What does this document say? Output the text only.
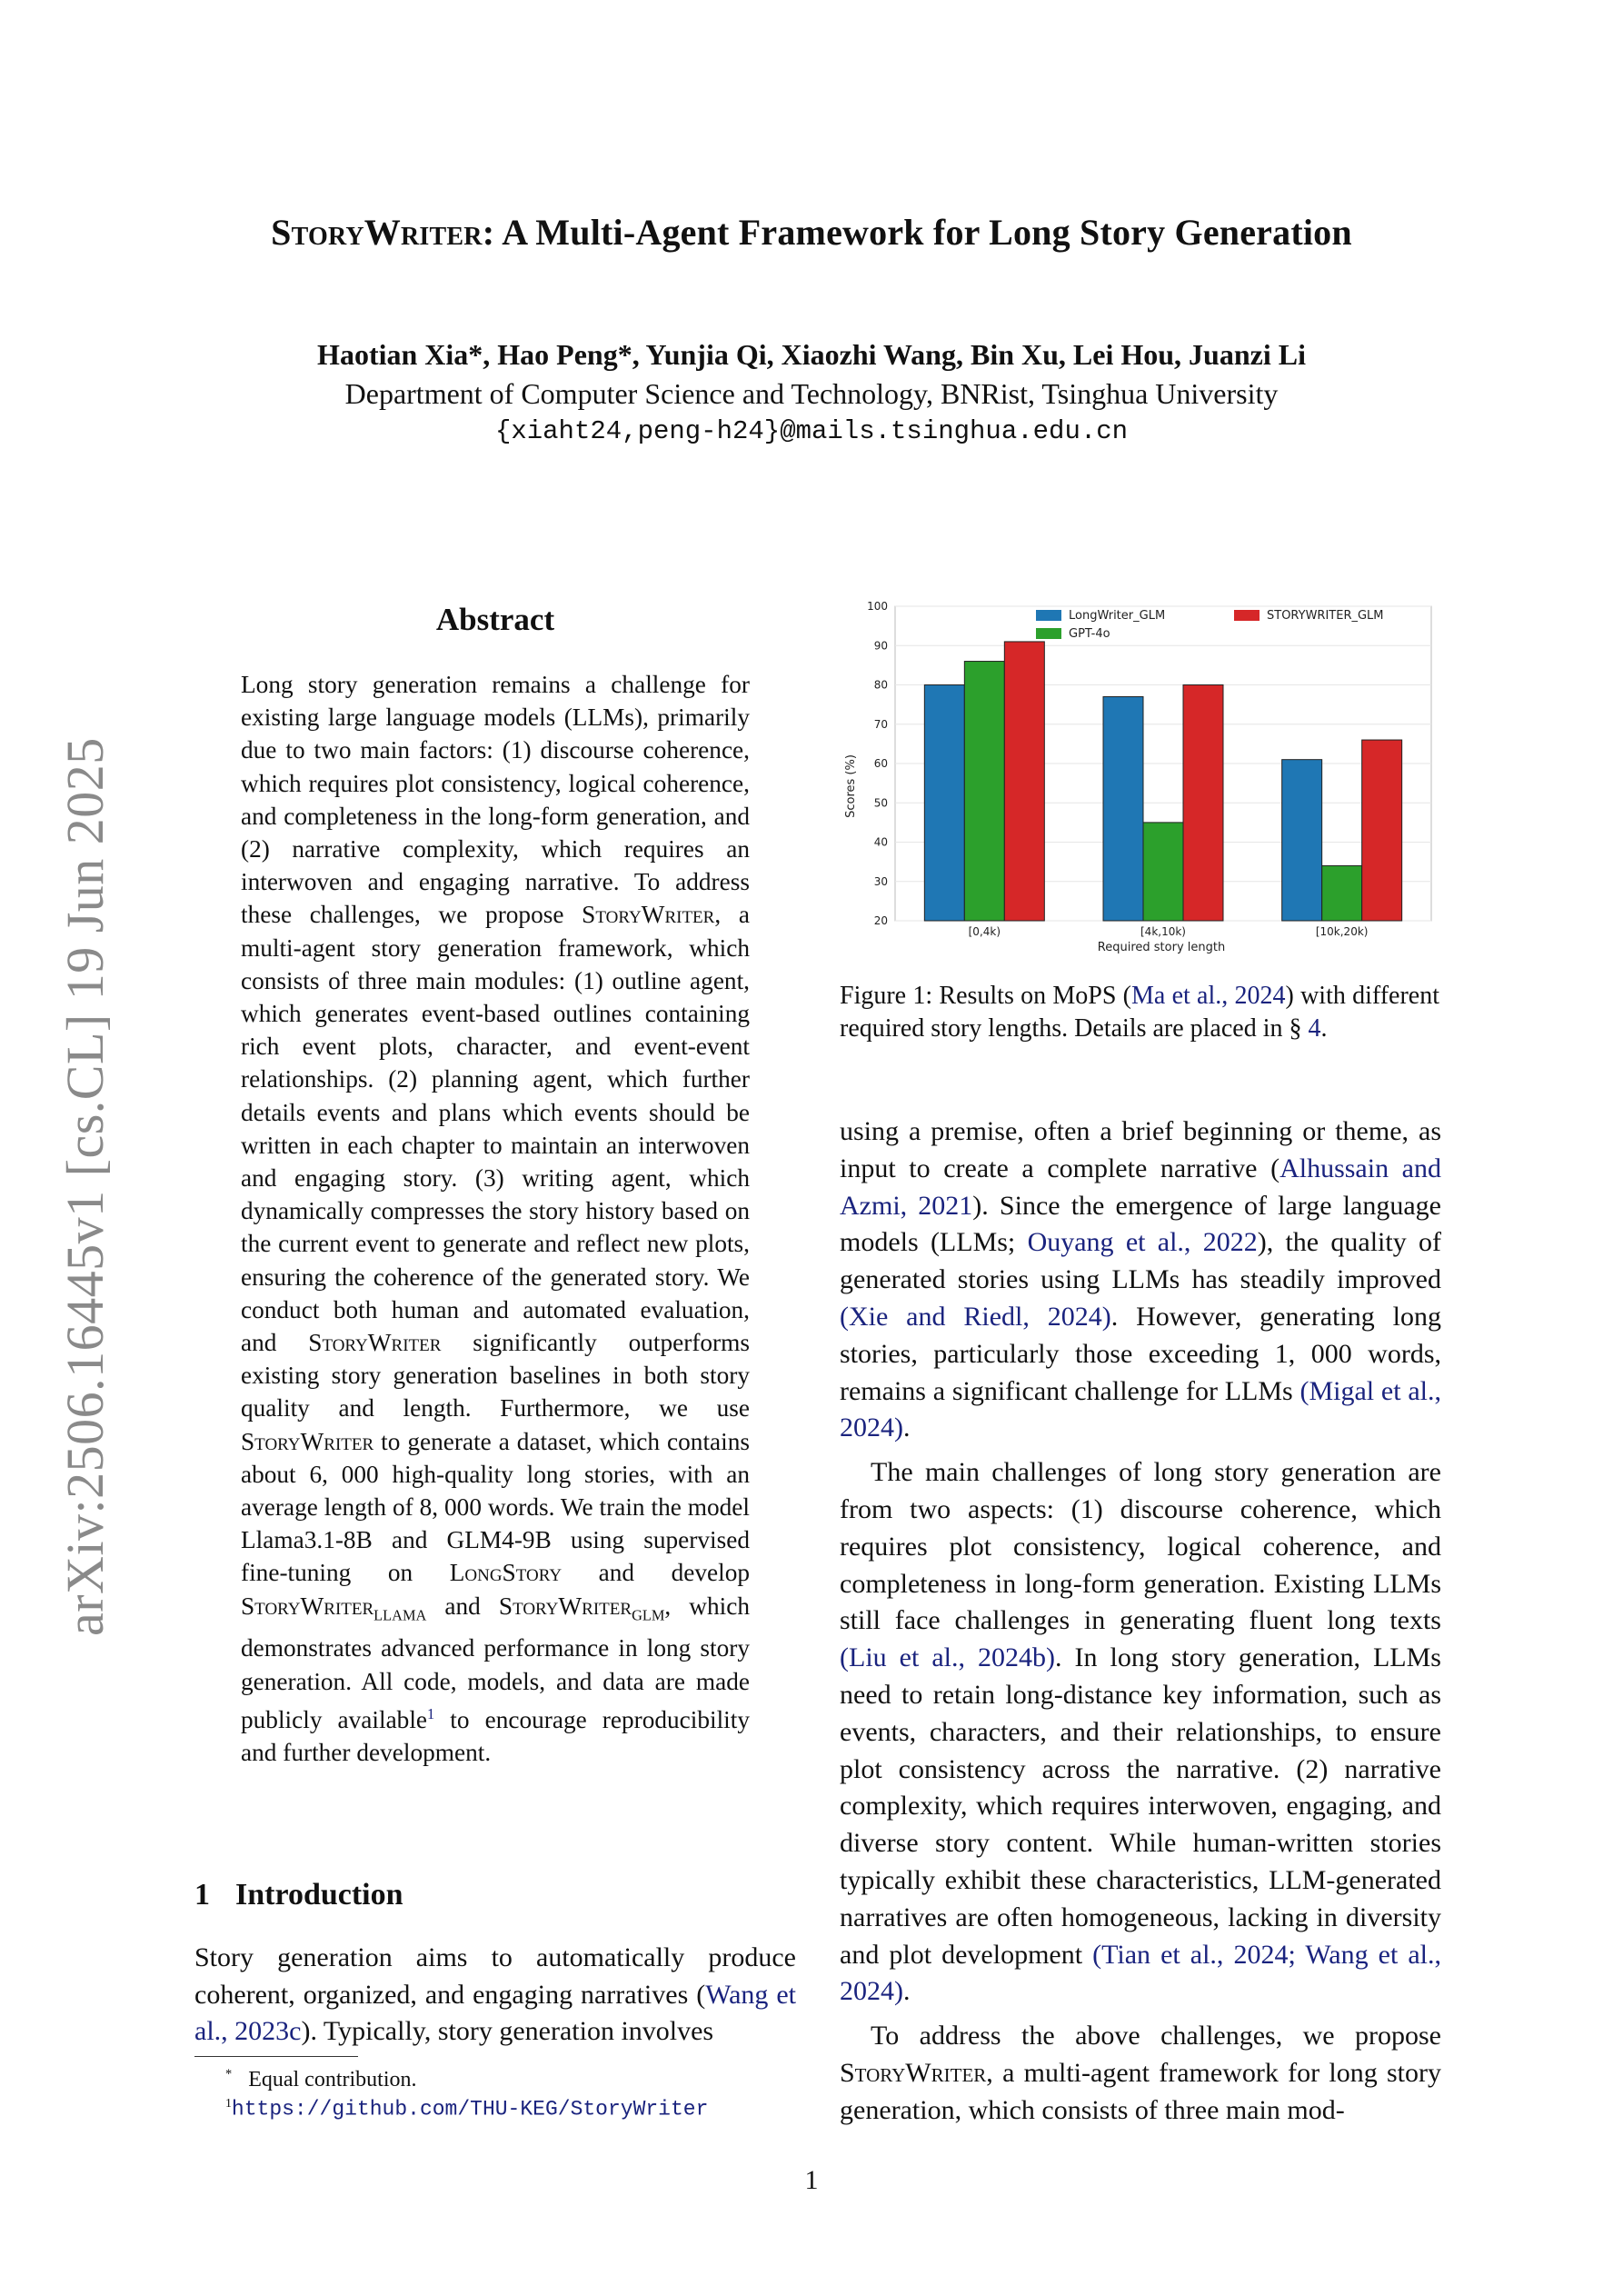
StoryWriter: A Multi-Agent Framework for Long Story Generation
Haotian Xia*, Hao Peng*, Yunjia Qi, Xiaozhi Wang, Bin Xu, Lei Hou, Juanzi Li
Department of Computer Science and Technology, BNRist, Tsinghua University
{xiaht24,peng-h24}@mails.tsinghua.edu.cn
arXiv:2506.16445v1 [cs.CL] 19 Jun 2025
Abstract
Long story generation remains a challenge for existing large language models (LLMs), primarily due to two main factors: (1) discourse coherence, which requires plot consistency, logical coherence, and completeness in the long-form generation, and (2) narrative complexity, which requires an interwoven and engaging narrative. To address these challenges, we propose StoryWriter, a multi-agent story generation framework, which consists of three main modules: (1) outline agent, which generates event-based outlines containing rich event plots, character, and event-event relationships. (2) planning agent, which further details events and plans which events should be written in each chapter to maintain an interwoven and engaging story. (3) writing agent, which dynamically compresses the story history based on the current event to generate and reflect new plots, ensuring the coherence of the generated story. We conduct both human and automated evaluation, and StoryWriter significantly outperforms existing story generation baselines in both story quality and length. Furthermore, we use StoryWriter to generate a dataset, which contains about 6, 000 high-quality long stories, with an average length of 8, 000 words. We train the model Llama3.1-8B and GLM4-9B using supervised fine-tuning on LongStory and develop StoryWriter$_{LLAMA}$ and StoryWriter$_{GLM}$, which demonstrates advanced performance in long story generation. All code, models, and data are made publicly available$^1$ to encourage reproducibility and further development.
1 Introduction
Story generation aims to automatically produce coherent, organized, and engaging narratives (Wang et al., 2023c). Typically, story generation involves
* Equal contribution.
$^1$https://github.com/THU-KEG/StoryWriter
20
30
40
50
60
70
80
90
100
[0,4k)	[4k,10k)	[10k,20k)
LongWriter_GLM
GPT-4o
STORYWRITER_GLM
Scores (%)
Required story length
Figure 1: Results on MoPS (Ma et al., 2024) with different required story lengths. Details are placed in § 4.

using a premise, often a brief beginning or theme, as input to create a complete narrative (Alhussain and Azmi, 2021). Since the emergence of large language models (LLMs; Ouyang et al., 2022), the quality of generated stories using LLMs has steadily improved (Xie and Riedl, 2024). However, generating long stories, particularly those exceeding 1, 000 words, remains a significant challenge for LLMs (Migal et al., 2024).

The main challenges of long story generation are from two aspects: (1) discourse coherence, which requires plot consistency, logical coherence, and completeness in long-form generation. Existing LLMs still face challenges in generating fluent long texts (Liu et al., 2024b). In long story generation, LLMs need to retain long-distance key information, such as events, characters, and their relationships, to ensure plot consistency across the narrative. (2) narrative complexity, which requires interwoven, engaging, and diverse story content. While human-written stories typically exhibit these characteristics, LLM-generated narratives are often homogeneous, lacking in diversity and plot development (Tian et al., 2024; Wang et al., 2024).

To address the above challenges, we propose StoryWriter, a multi-agent framework for long story generation, which consists of three main mod-

1
